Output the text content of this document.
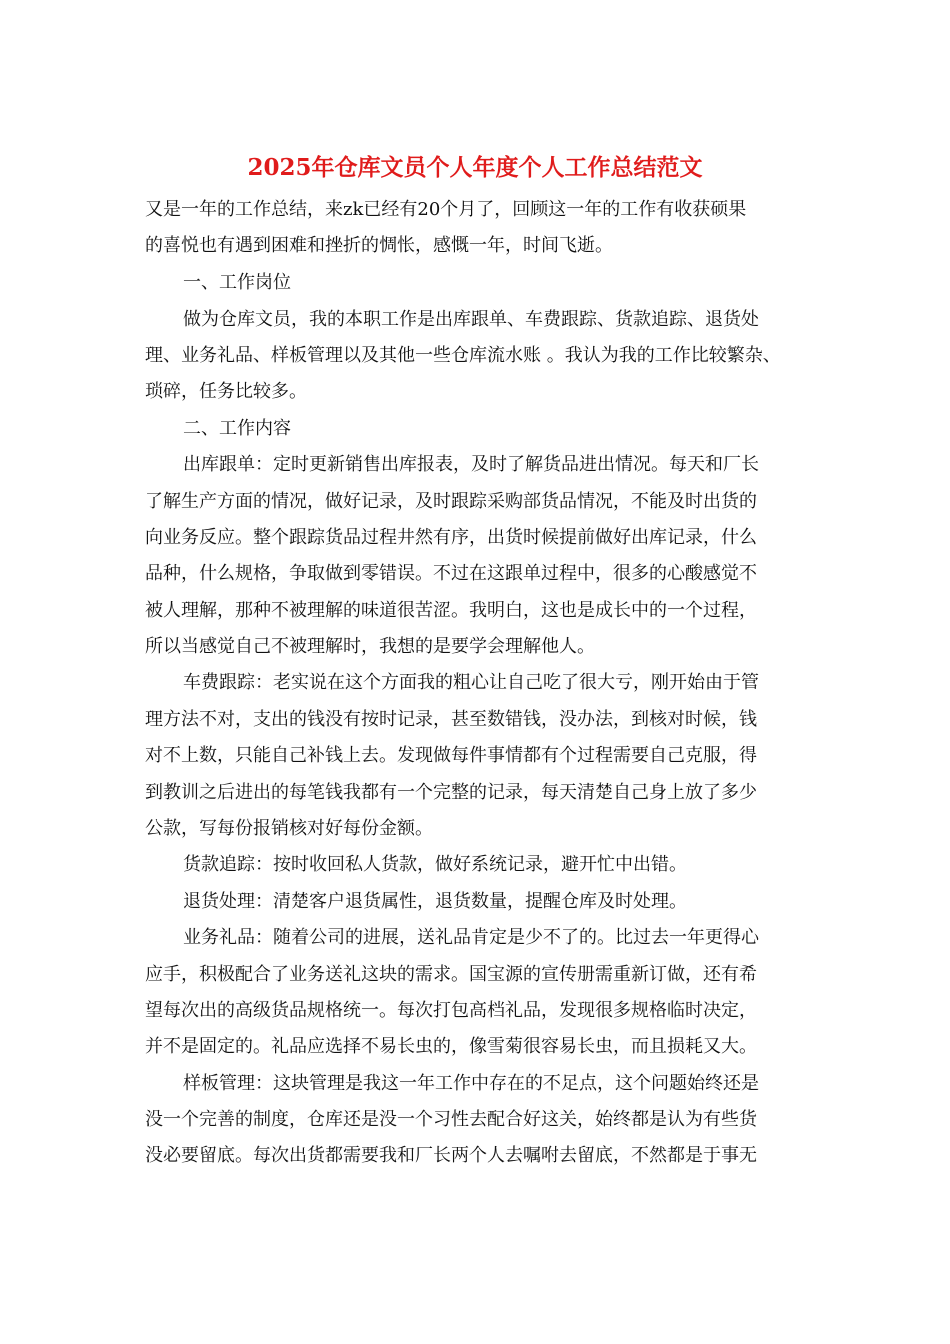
2025年仓库文员个人年度个人工作总结范文
又是一年的工作总结，来zk已经有20个月了，回顾这一年的工作有收获硕果
的喜悦也有遇到困难和挫折的惆怅，感慨一年，时间飞逝。
一、工作岗位
做为仓库文员，我的本职工作是出库跟单、车费跟踪、货款追踪、退货处
理、业务礼品、样板管理以及其他一些仓库流水账 。我认为我的工作比较繁杂、
琐碎，任务比较多。
二、工作内容
出库跟单：定时更新销售出库报表，及时了解货品进出情况。每天和厂长
了解生产方面的情况，做好记录，及时跟踪采购部货品情况，不能及时出货的
向业务反应。整个跟踪货品过程井然有序，出货时候提前做好出库记录，什么
品种，什么规格，争取做到零错误。不过在这跟单过程中，很多的心酸感觉不
被人理解，那种不被理解的味道很苦涩。我明白，这也是成长中的一个过程，
所以当感觉自己不被理解时，我想的是要学会理解他人。
车费跟踪：老实说在这个方面我的粗心让自己吃了很大亏，刚开始由于管
理方法不对，支出的钱没有按时记录，甚至数错钱，没办法，到核对时候，钱
对不上数，只能自己补钱上去。发现做每件事情都有个过程需要自己克服，得
到教训之后进出的每笔钱我都有一个完整的记录，每天清楚自己身上放了多少
公款，写每份报销核对好每份金额。
货款追踪：按时收回私人货款，做好系统记录，避开忙中出错。
退货处理：清楚客户退货属性，退货数量，提醒仓库及时处理。
业务礼品：随着公司的进展，送礼品肯定是少不了的。比过去一年更得心
应手，积极配合了业务送礼这块的需求。国宝源的宣传册需重新订做，还有希
望每次出的高级货品规格统一。每次打包高档礼品，发现很多规格临时决定，
并不是固定的。礼品应选择不易长虫的，像雪菊很容易长虫，而且损耗又大。
样板管理：这块管理是我这一年工作中存在的不足点，这个问题始终还是
没一个完善的制度，仓库还是没一个习性去配合好这关，始终都是认为有些货
没必要留底。每次出货都需要我和厂长两个人去嘱咐去留底，不然都是于事无
